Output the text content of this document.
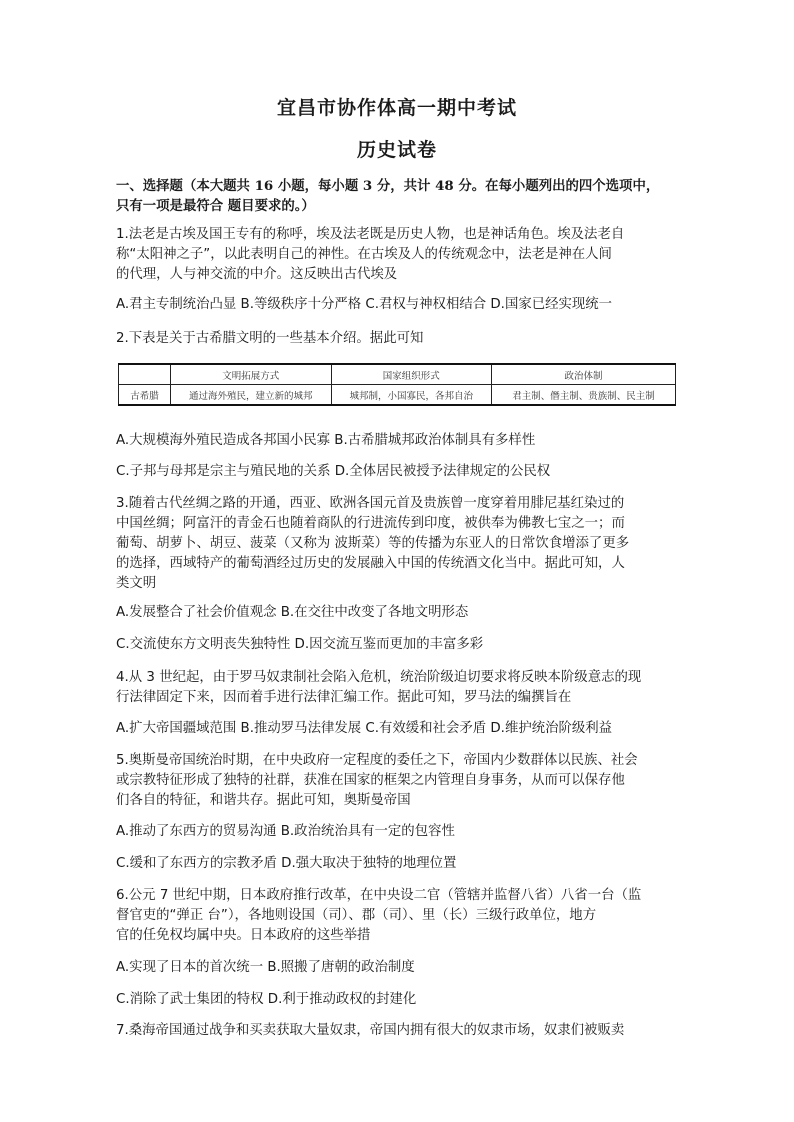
宜昌市协作体高一期中考试
历史试卷
一、选择题（本大题共 16 小题，每小题 3 分，共计 48 分。在每小题列出的四个选项中，
只有一项是最符合 题目要求的。）
1.法老是古埃及国王专有的称呼，埃及法老既是历史人物，也是神话角色。埃及法老自
称“太阳神之子”，以此表明自己的神性。在古埃及人的传统观念中，法老是神在人间
的代理，人与神交流的中介。这反映出古代埃及
A.君主专制统治凸显 B.等级秩序十分严格 C.君权与神权相结合 D.国家已经实现统一
2.下表是关于古希腊文明的一些基本介绍。据此可知
	文明拓展方式	国家组织形式	政治体制
古希腊	通过海外殖民，建立新的城邦	城邦制，小国寡民，各邦自治	君主制、僭主制、贵族制、民主制
A.大规模海外殖民造成各邦国小民寡 B.古希腊城邦政治体制具有多样性
C.子邦与母邦是宗主与殖民地的关系 D.全体居民被授予法律规定的公民权
3.随着古代丝绸之路的开通，西亚、欧洲各国元首及贵族曾一度穿着用腓尼基红染过的
中国丝绸；阿富汗的青金石也随着商队的行进流传到印度，被供奉为佛教七宝之一；而
葡萄、胡萝卜、胡豆、菠菜（又称为 波斯菜）等的传播为东亚人的日常饮食增添了更多
的选择，西域特产的葡萄酒经过历史的发展融入中国的传统酒文化当中。据此可知，人
类文明
A.发展整合了社会价值观念 B.在交往中改变了各地文明形态
C.交流使东方文明丧失独特性 D.因交流互鉴而更加的丰富多彩
4.从 3 世纪起，由于罗马奴隶制社会陷入危机，统治阶级迫切要求将反映本阶级意志的现
行法律固定下来，因而着手进行法律汇编工作。据此可知，罗马法的编撰旨在
A.扩大帝国疆域范围 B.推动罗马法律发展 C.有效缓和社会矛盾 D.维护统治阶级利益
5.奥斯曼帝国统治时期，在中央政府一定程度的委任之下，帝国内少数群体以民族、社会
或宗教特征形成了独特的社群，获准在国家的框架之内管理自身事务，从而可以保存他
们各自的特征，和谐共存。据此可知，奥斯曼帝国
A.推动了东西方的贸易沟通 B.政治统治具有一定的包容性
C.缓和了东西方的宗教矛盾 D.强大取决于独特的地理位置
6.公元 7 世纪中期，日本政府推行改革，在中央设二官（管辖并监督八省）八省一台（监
督官吏的“弹正 台”），各地则设国（司）、郡（司）、里（长）三级行政单位，地方
官的任免权均属中央。日本政府的这些举措
A.实现了日本的首次统一 B.照搬了唐朝的政治制度
C.消除了武士集团的特权 D.利于推动政权的封建化
7.桑海帝国通过战争和买卖获取大量奴隶，帝国内拥有很大的奴隶市场，奴隶们被贩卖
